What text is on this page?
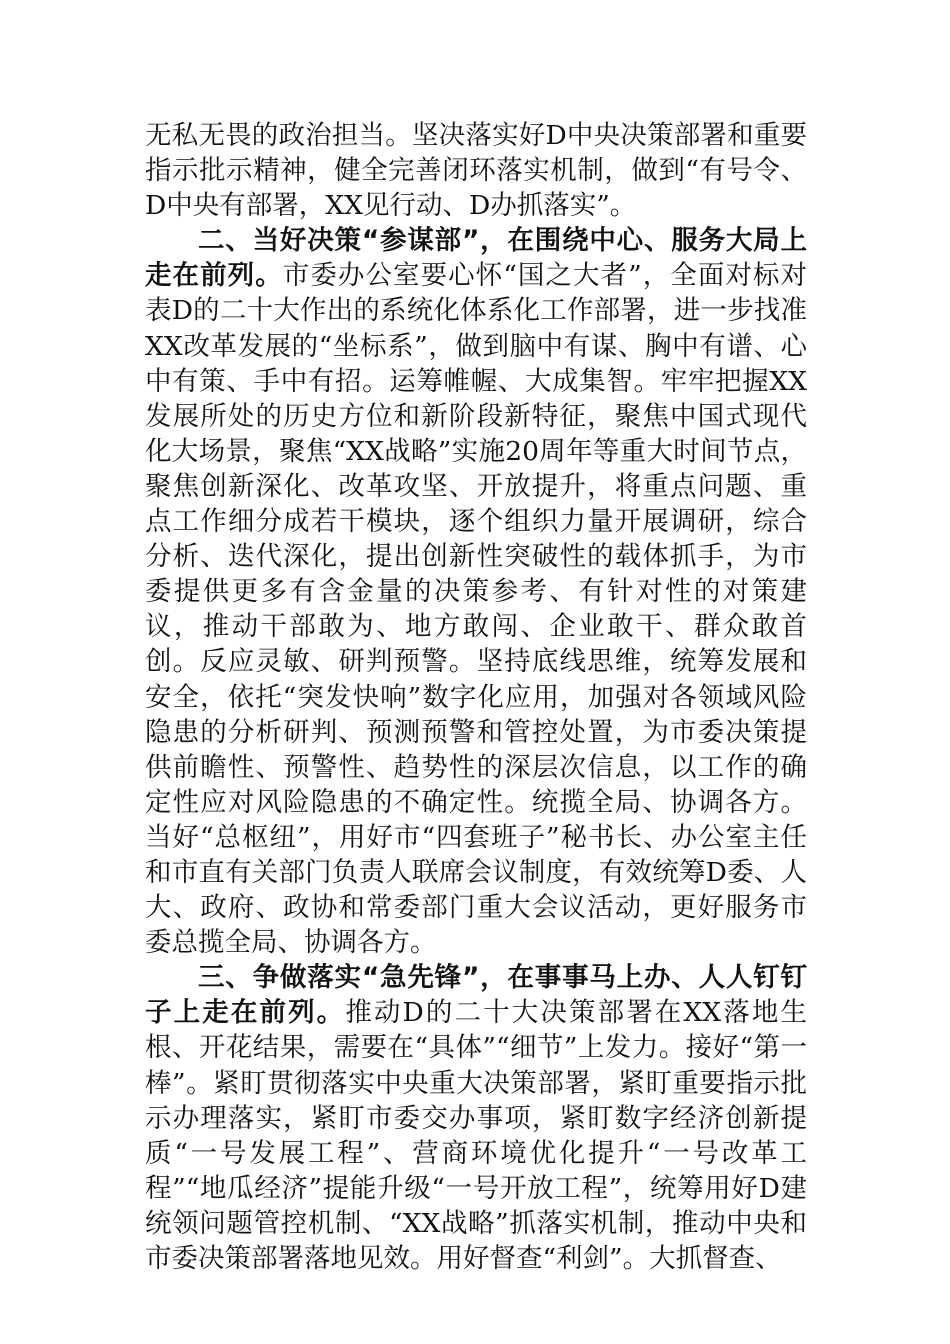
无私无畏的政治担当。坚决落实好D中央决策部署和重要指示批示精神，健全完善闭环落实机制，做到“有号令、D中央有部署，XX见行动、D办抓落实”。

二、当好决策“参谋部”，在围绕中心、服务大局上走在前列。市委办公室要心怀“国之大者”，全面对标对表D的二十大作出的系统化体系化工作部署，进一步找准XX改革发展的“坐标系”，做到脑中有谋、胸中有谱、心中有策、手中有招。运筹帷幄、大成集智。牢牢把握XX发展所处的历史方位和新阶段新特征，聚焦中国式现代化大场景，聚焦“XX战略”实施20周年等重大时间节点，聚焦创新深化、改革攻坚、开放提升，将重点问题、重点工作细分成若干模块，逐个组织力量开展调研，综合分析、迭代深化，提出创新性突破性的载体抓手，为市委提供更多有含金量的决策参考、有针对性的对策建议，推动干部敢为、地方敢闯、企业敢干、群众敢首创。反应灵敏、研判预警。坚持底线思维，统筹发展和安全，依托“突发快响”数字化应用，加强对各领域风险隐患的分析研判、预测预警和管控处置，为市委决策提供前瞻性、预警性、趋势性的深层次信息，以工作的确定性应对风险隐患的不确定性。统揽全局、协调各方。当好“总枢纽”，用好市“四套班子”秘书长、办公室主任和市直有关部门负责人联席会议制度，有效统筹D委、人大、政府、政协和常委部门重大会议活动，更好服务市委总揽全局、协调各方。

三、争做落实“急先锋”，在事事马上办、人人钉钉子上走在前列。推动D的二十大决策部署在XX落地生根、开花结果，需要在“具体”“细节”上发力。接好“第一棒”。紧盯贯彻落实中央重大决策部署，紧盯重要指示批示办理落实，紧盯市委交办事项，紧盯数字经济创新提质“一号发展工程”、营商环境优化提升“一号改革工程”“地瓜经济”提能升级“一号开放工程”，统筹用好D建统领问题管控机制、“XX战略”抓落实机制，推动中央和市委决策部署落地见效。用好督查“利剑”。大抓督查、
